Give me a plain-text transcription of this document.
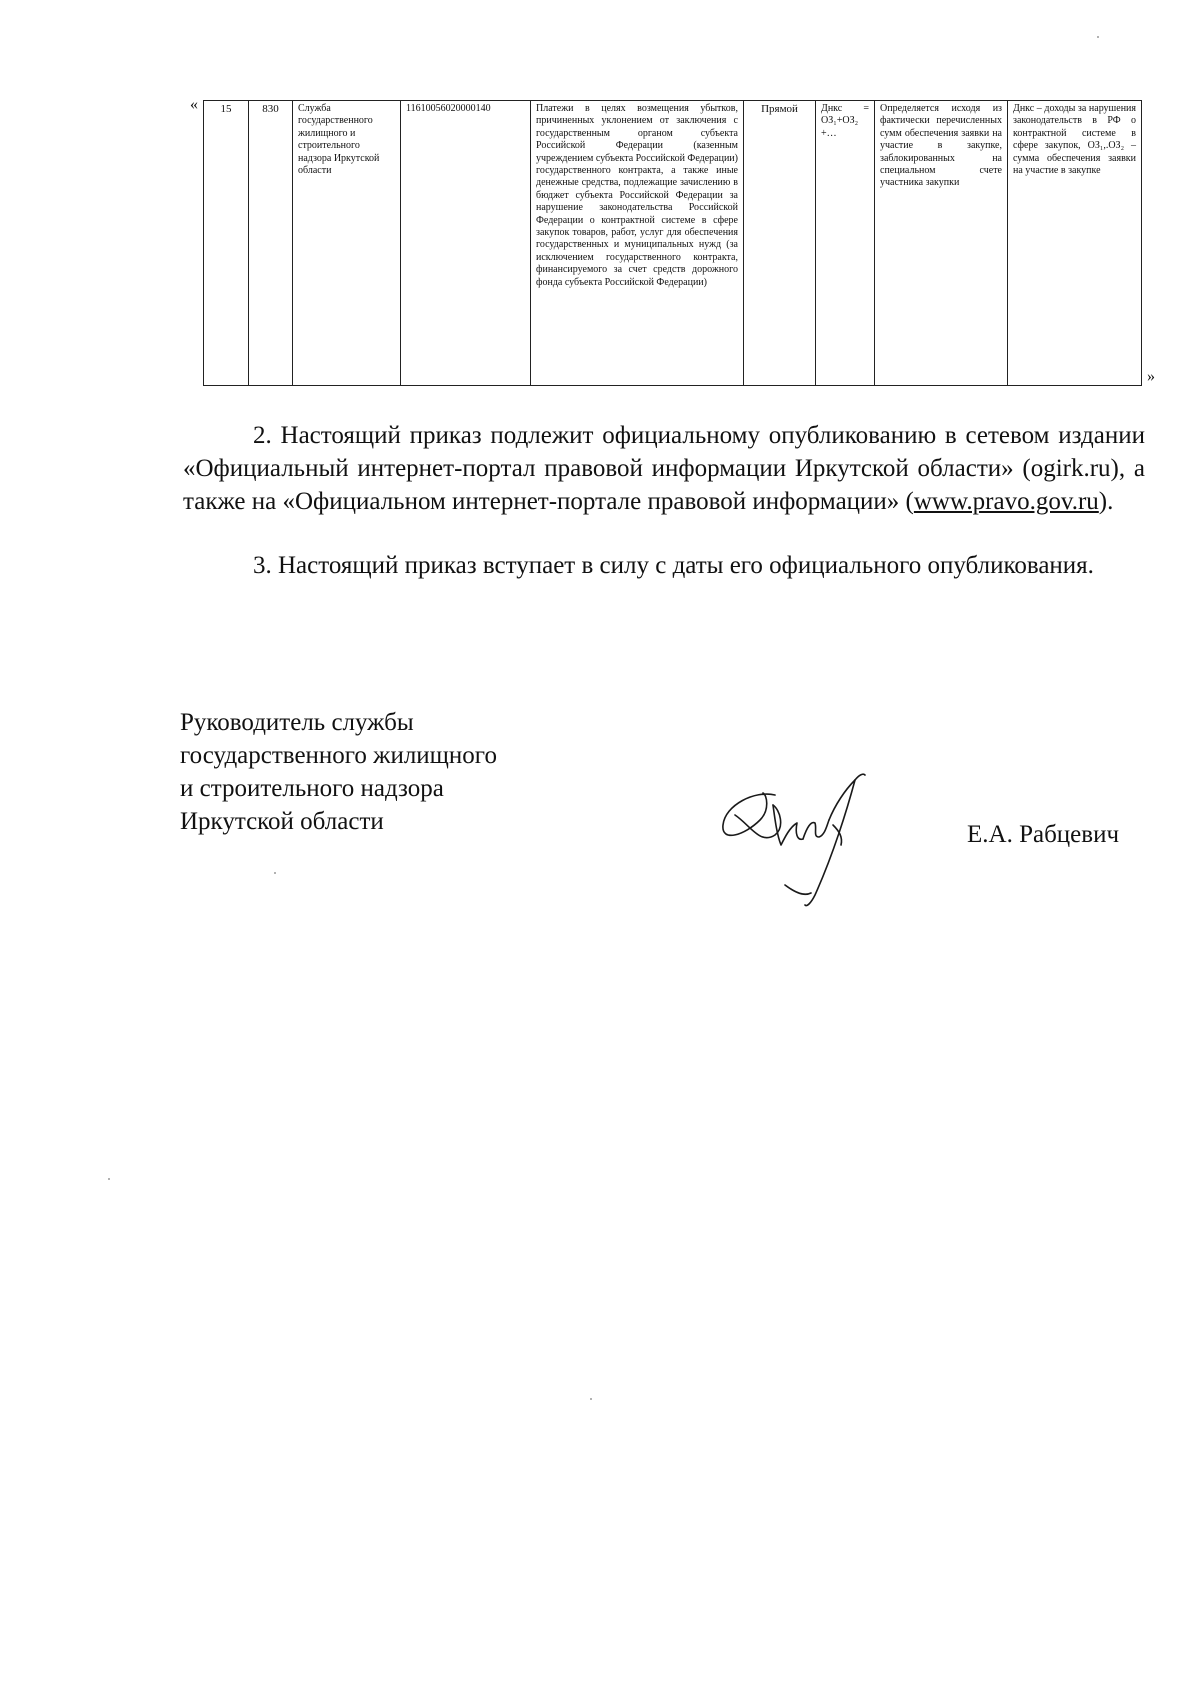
« 15	830	Служба государственного жилищного и строительного надзора Иркутской области	11610056020000140	Платежи в целях возмещения убытков, причиненных уклонением от заключения с государственным органом субъекта Российской Федерации (казенным учреждением субъекта Российской Федерации) государственного контракта, а также иные денежные средства, подлежащие зачислению в бюджет субъекта Российской Федерации за нарушение законодательства Российской Федерации о контрактной системе в сфере закупок товаров, работ, услуг для обеспечения государственных и муниципальных нужд (за исключением государственного контракта, финансируемого за счет средств дорожного фонда субъекта Российской Федерации)	Прямой	Днкс = ОЗ₁+ОЗ₂ +…	Определяется исходя из фактически перечисленных сумм обеспечения заявки на участие в закупке, заблокированных на специальном счете участника закупки	Днкс – доходы за нарушения законодательств в РФ о контрактной системе в сфере закупок, ОЗ₁,.ОЗ₂ – сумма обеспечения заявки на участие в закупке
»

2. Настоящий приказ подлежит официальному опубликованию в сетевом издании «Официальный интернет-портал правовой информации Иркутской области» (ogirk.ru), а также на «Официальном интернет-портале правовой информации» (www.pravo.gov.ru).

3. Настоящий приказ вступает в силу с даты его официального опубликования.

Руководитель службы
государственного жилищного
и строительного надзора
Иркутской области	Е.А. Рабцевич
